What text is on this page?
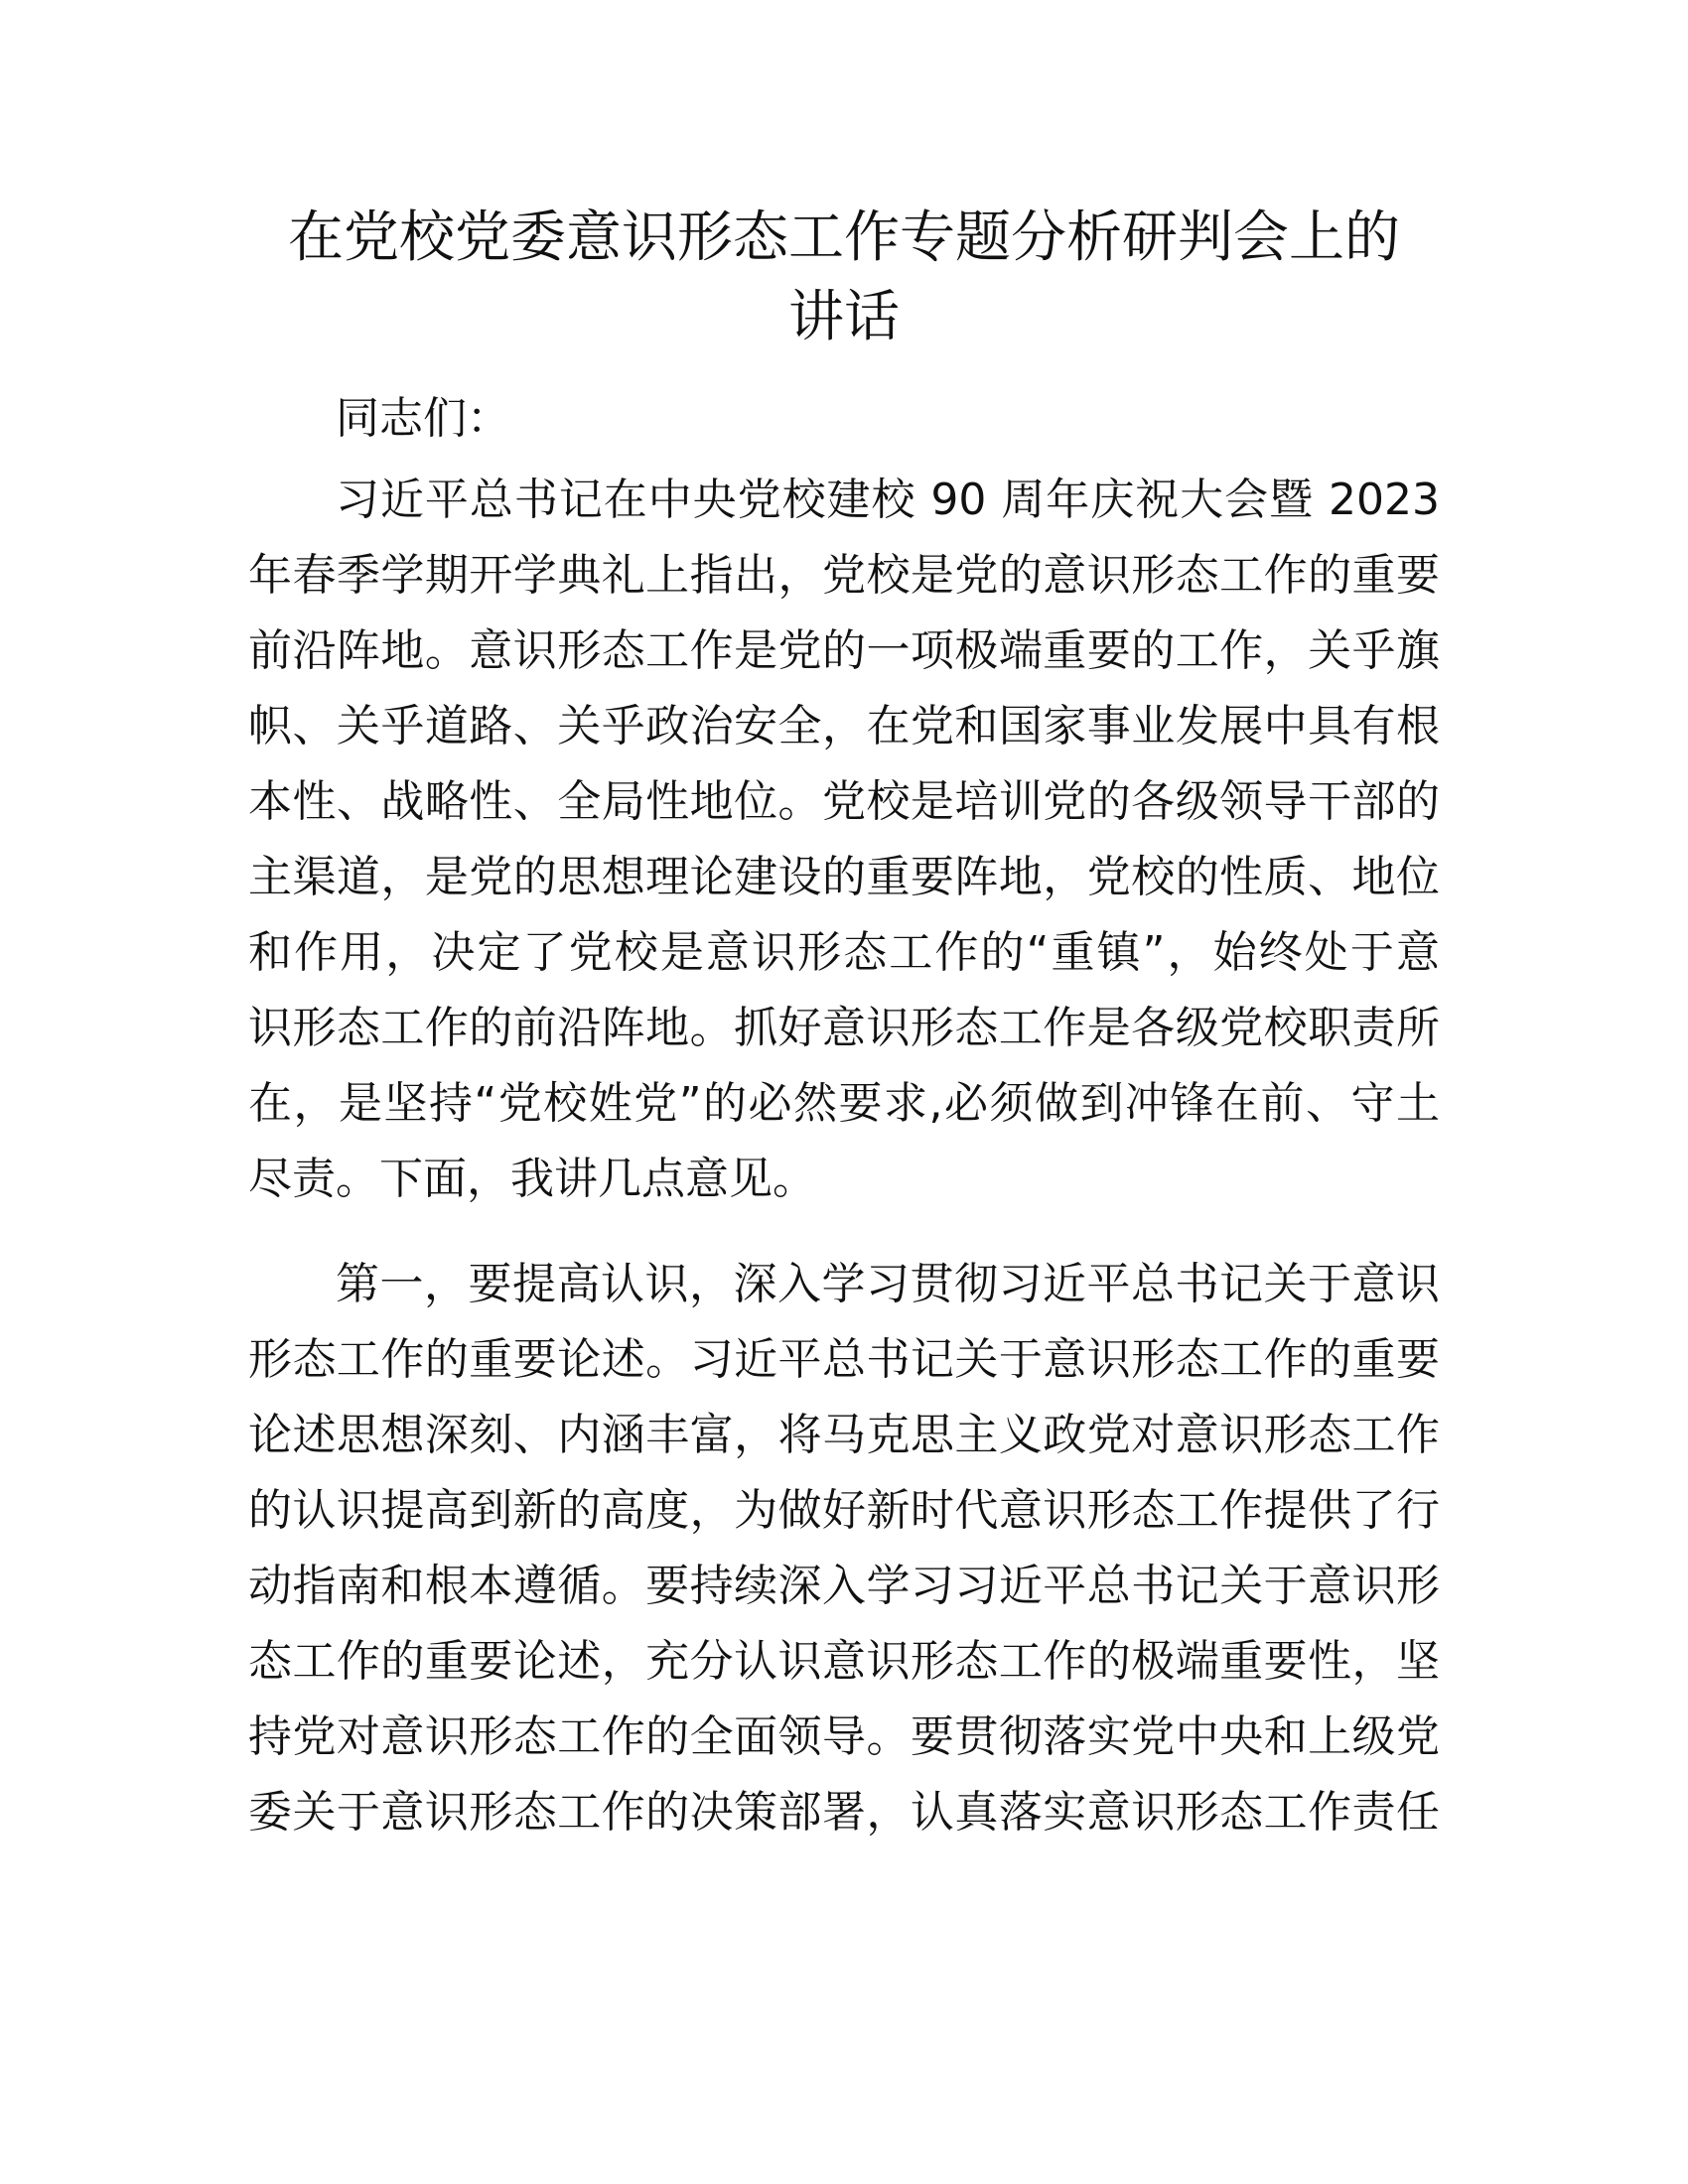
在党校党委意识形态工作专题分析研判会上的
讲话

同志们：

习近平总书记在中央党校建校 90 周年庆祝大会暨 2023

年春季学期开学典礼上指出，党校是党的意识形态工作的重要

前沿阵地。意识形态工作是党的一项极端重要的工作，关乎旗

帜、关乎道路、关乎政治安全，在党和国家事业发展中具有根

本性、战略性、全局性地位。党校是培训党的各级领导干部的

主渠道，是党的思想理论建设的重要阵地，党校的性质、地位

和作用，决定了党校是意识形态工作的“重镇”，始终处于意

识形态工作的前沿阵地。抓好意识形态工作是各级党校职责所

在，是坚持“党校姓党”的必然要求,必须做到冲锋在前、守土

尽责。下面，我讲几点意见。

第一，要提高认识，深入学习贯彻习近平总书记关于意识

形态工作的重要论述。习近平总书记关于意识形态工作的重要

论述思想深刻、内涵丰富，将马克思主义政党对意识形态工作

的认识提高到新的高度，为做好新时代意识形态工作提供了行

动指南和根本遵循。要持续深入学习习近平总书记关于意识形

态工作的重要论述，充分认识意识形态工作的极端重要性，坚

持党对意识形态工作的全面领导。要贯彻落实党中央和上级党

委关于意识形态工作的决策部署，认真落实意识形态工作责任
